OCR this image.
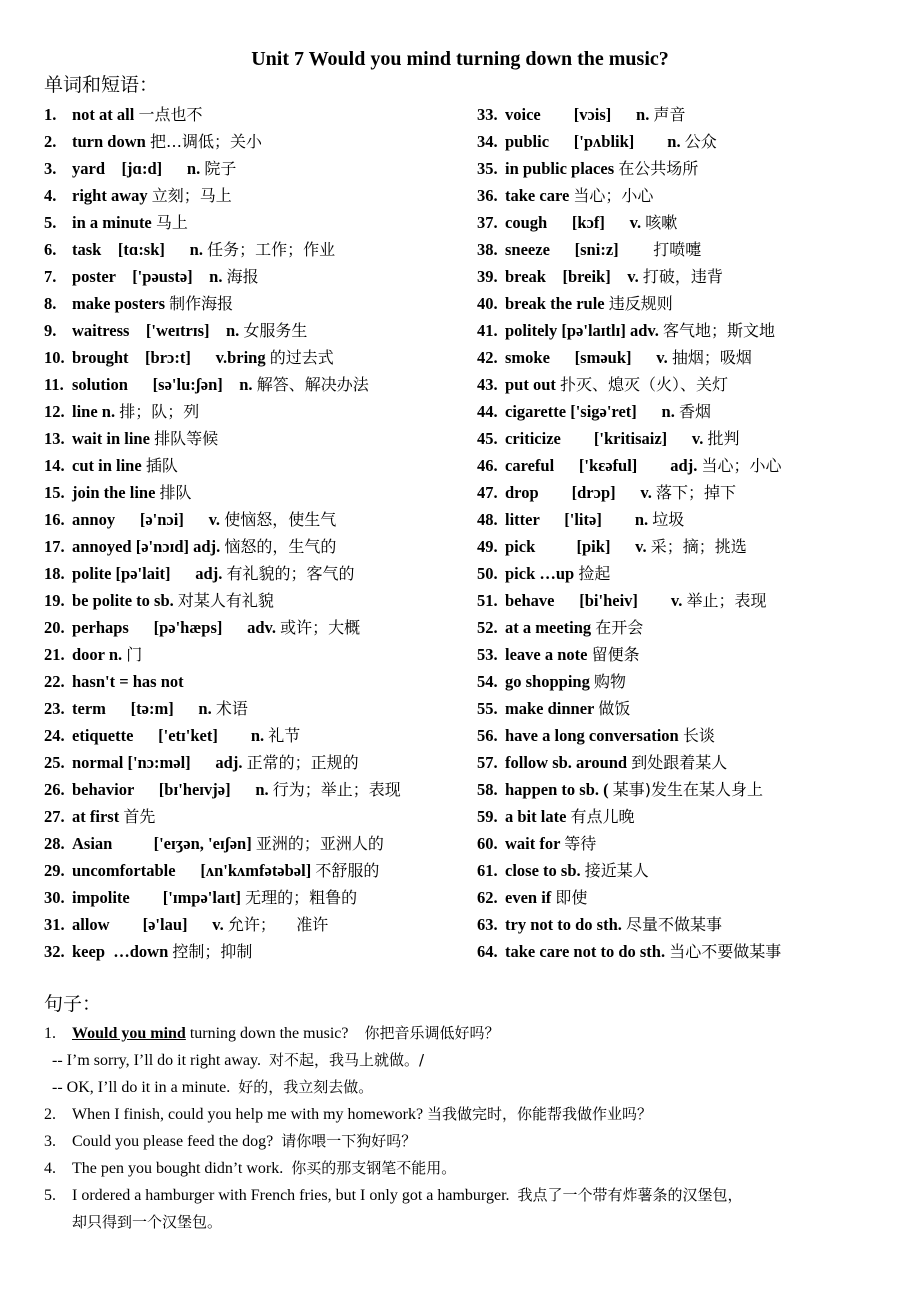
Unit 7 Would you mind turning down the music?
单词和短语：
1. not at all 一点也不
2. turn down 把…调低；关小
3. yard    [jɑ:d]      n. 院子
4. right away 立刻；马上
5. in a minute 马上
6. task    [tɑ:sk]      n. 任务；工作；作业
7. poster    ['pəustə]    n. 海报
8. make posters 制作海报
9. waitress    ['weɪtrɪs]    n. 女服务生
10. brought    [brɔ:t]      v.bring 的过去式
11. solution      [sə'lu:ʃən]    n. 解答、解决办法
12. line n. 排；队；列
13. wait in line 排队等候
14. cut in line 插队
15. join the line 排队
16. annoy      [ə'nɔi]      v. 使恼怒，使生气
17. annoyed [ə'nɔɪd] adj. 恼怒的，生气的
18. polite [pə'lait]      adj. 有礼貌的；客气的
19. be polite to sb. 对某人有礼貌
20. perhaps      [pə'hæps]      adv. 或许；大概
21. door n. 门
22. hasn't = has not
23. term      [tə:m]      n. 术语
24. etiquette      ['etɪ'ket]        n. 礼节
25. normal ['nɔ:məl]      adj. 正常的；正规的
26. behavior      [bɪ'heɪvjə]      n. 行为；举止；表现
27. at first 首先
28. Asian          ['eɪʒən, 'eɪʃən] 亚洲的；亚洲人的
29. uncomfortable      [ʌn'kʌmfətəbəl] 不舒服的
30. impolite        ['ɪmpə'laɪt] 无理的；粗鲁的
31. allow        [ə'lau]      v. 允许；    准许
32. keep  …down 控制；抑制
33. voice        [vɔis]      n. 声音
34. public      ['pʌblik]        n. 公众
35. in public places 在公共场所
36. take care 当心；小心
37. cough      [kɔf]      v. 咳嗽
38. sneeze      [sni:z]       打喷嚏
39. break    [breik]    v. 打破，违背
40. break the rule 违反规则
41. politely [pə'laɪtlɪ] adv. 客气地；斯文地
42. smoke      [sməuk]      v. 抽烟；吸烟
43. put out 扑灭、熄灭（火）、关灯
44. cigarette ['sigə'ret]      n. 香烟
45. criticize        ['kritisaiz]      v. 批判
46. careful      ['kɛəful]        adj. 当心；小心
47. drop        [drɔp]      v. 落下；掉下
48. litter      ['litə]        n. 垃圾
49. pick          [pik]      v. 采；摘；挑选
50. pick …up 捡起
51. behave      [bi'heiv]        v. 举止；表现
52. at a meeting 在开会
53. leave a note 留便条
54. go shopping 购物
55. make dinner 做饭
56. have a long conversation 长谈
57. follow sb. around 到处跟着某人
58. happen to sb. ( 某事)发生在某人身上
59. a bit late 有点儿晚
60. wait for 等待
61. close to sb. 接近某人
62. even if 即使
63. try not to do sth. 尽量不做某事
64. take care not to do sth. 当心不要做某事
句子：
1. Would you mind turning down the music? 你把音乐调低好吗？
-- I’m sorry, I’ll do it right away. 对不起，我马上就做。/
-- OK, I’ll do it in a minute. 好的，我立刻去做。
2. When I finish, could you help me with my homework? 当我做完时，你能帮我做作业吗？
3. Could you please feed the dog? 请你喂一下狗好吗？
4. The pen you bought didn’t work. 你买的那支钢笔不能用。
5. I ordered a hamburger with French fries, but I only got a hamburger. 我点了一个带有炸薯条的汉堡包，
却只得到一个汉堡包。
